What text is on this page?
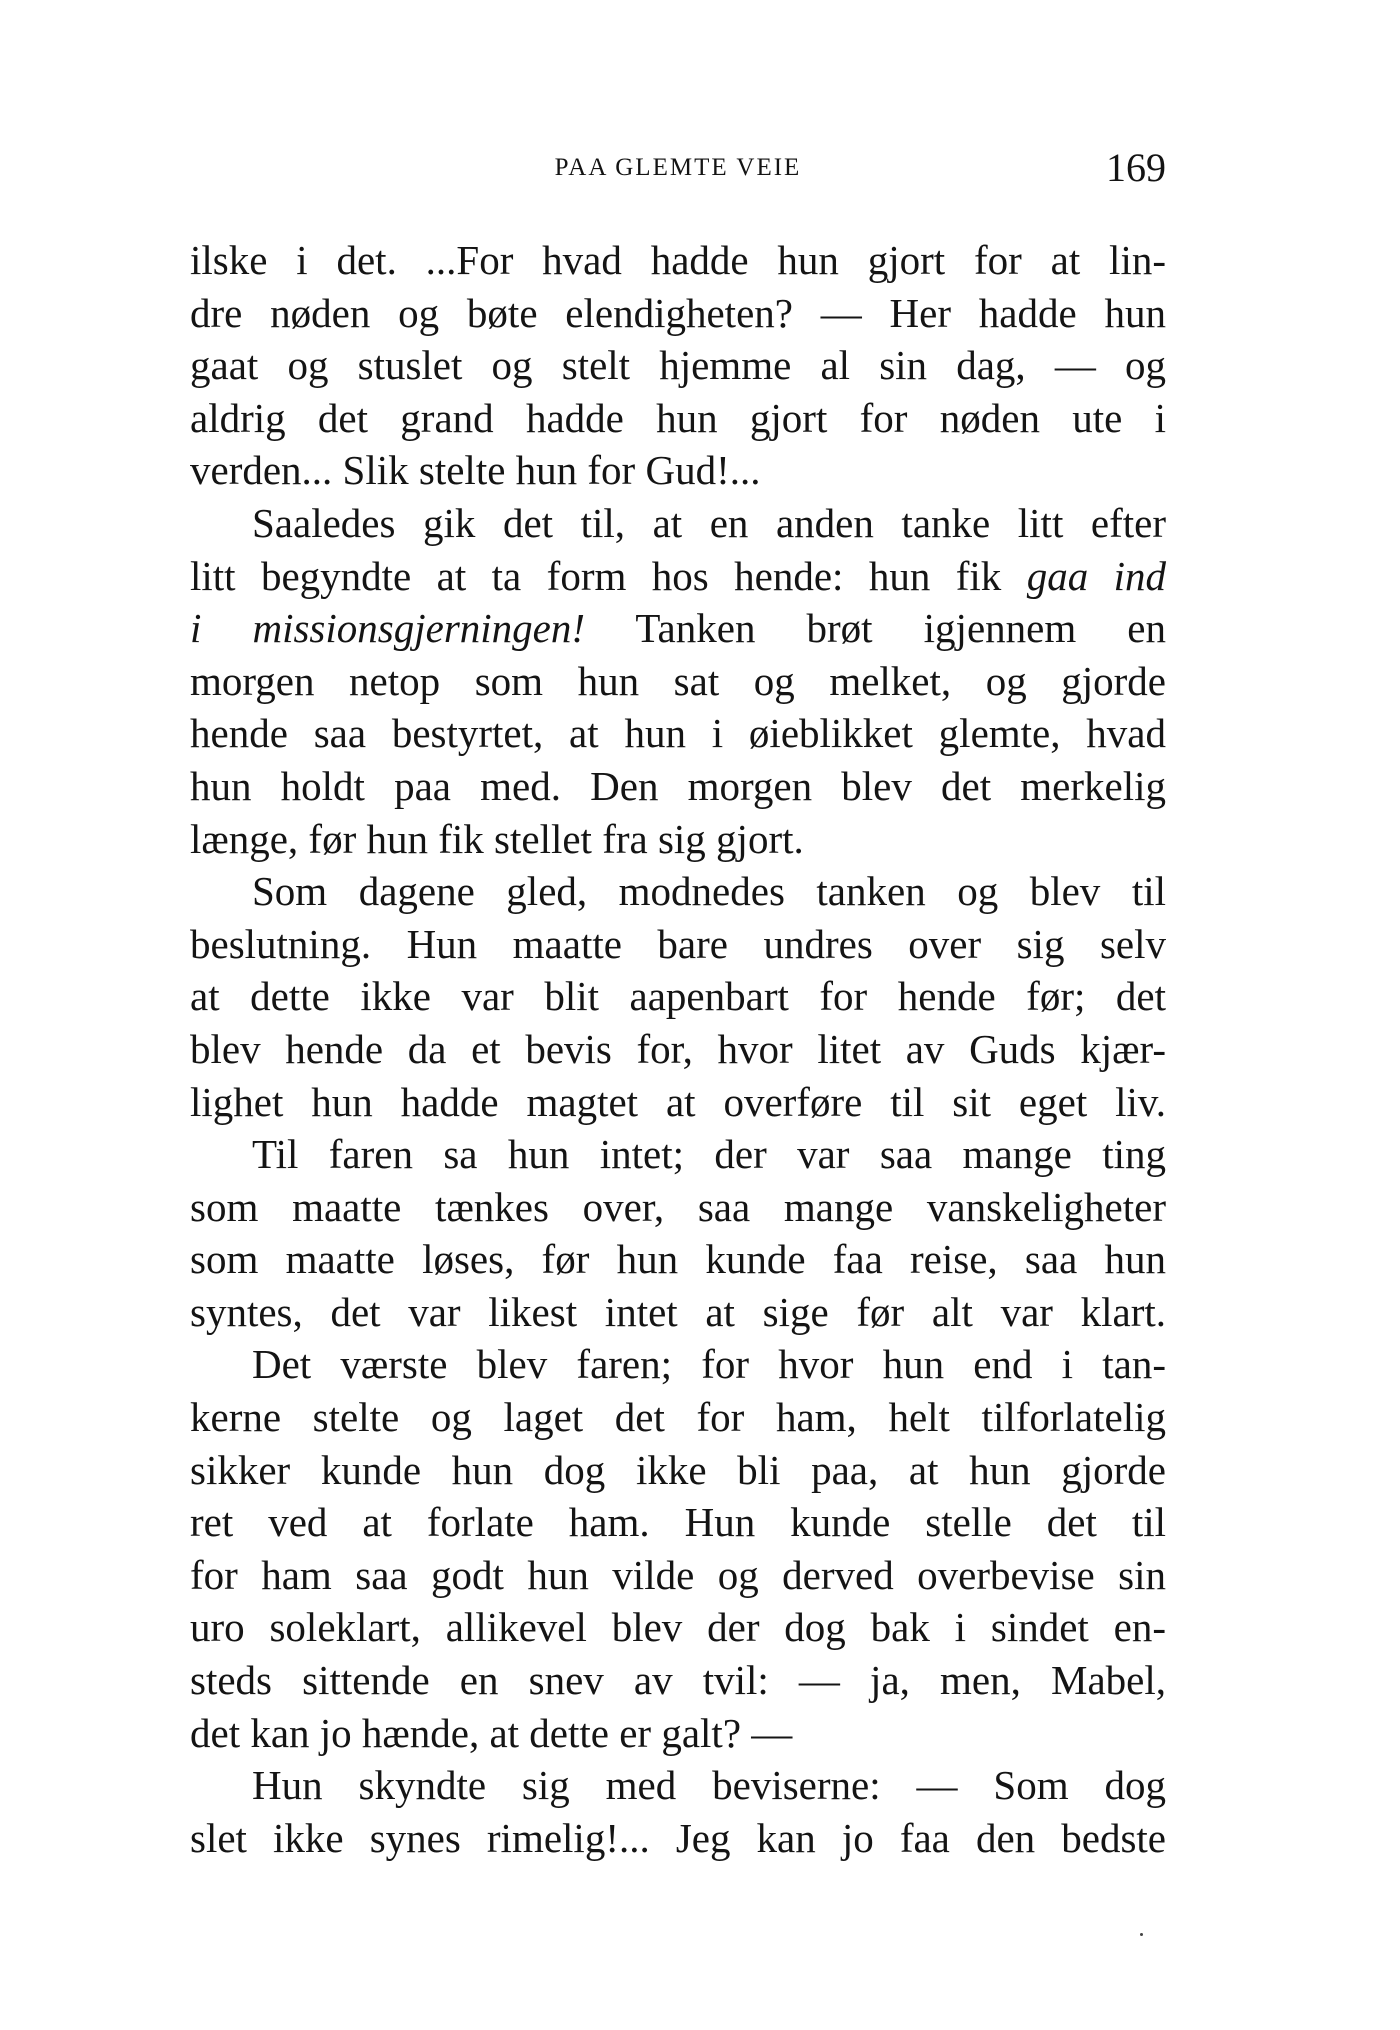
PAA GLEMTE VEIE	169
ilske i det. ...For hvad hadde hun gjort for at lin-
dre nøden og bøte elendigheten? — Her hadde hun
gaat og stuslet og stelt hjemme al sin dag, — og
aldrig det grand hadde hun gjort for nøden ute i
verden... Slik stelte hun for Gud!...
Saaledes gik det til, at en anden tanke litt efter
litt begyndte at ta form hos hende: hun fik gaa ind
i missionsgjerningen! Tanken brøt igjennem en
morgen netop som hun sat og melket, og gjorde
hende saa bestyrtet, at hun i øieblikket glemte, hvad
hun holdt paa med. Den morgen blev det merkelig
længe, før hun fik stellet fra sig gjort.
Som dagene gled, modnedes tanken og blev til
beslutning. Hun maatte bare undres over sig selv
at dette ikke var blit aapenbart for hende før; det
blev hende da et bevis for, hvor litet av Guds kjær-
lighet hun hadde magtet at overføre til sit eget liv.
Til faren sa hun intet; der var saa mange ting
som maatte tænkes over, saa mange vanskeligheter
som maatte løses, før hun kunde faa reise, saa hun
syntes, det var likest intet at sige før alt var klart.
Det værste blev faren; for hvor hun end i tan-
kerne stelte og laget det for ham, helt tilforlatelig
sikker kunde hun dog ikke bli paa, at hun gjorde
ret ved at forlate ham. Hun kunde stelle det til
for ham saa godt hun vilde og derved overbevise sin
uro soleklart, allikevel blev der dog bak i sindet en-
steds sittende en snev av tvil: — ja, men, Mabel,
det kan jo hænde, at dette er galt? —
Hun skyndte sig med beviserne: — Som dog
slet ikke synes rimelig!... Jeg kan jo faa den bedste
